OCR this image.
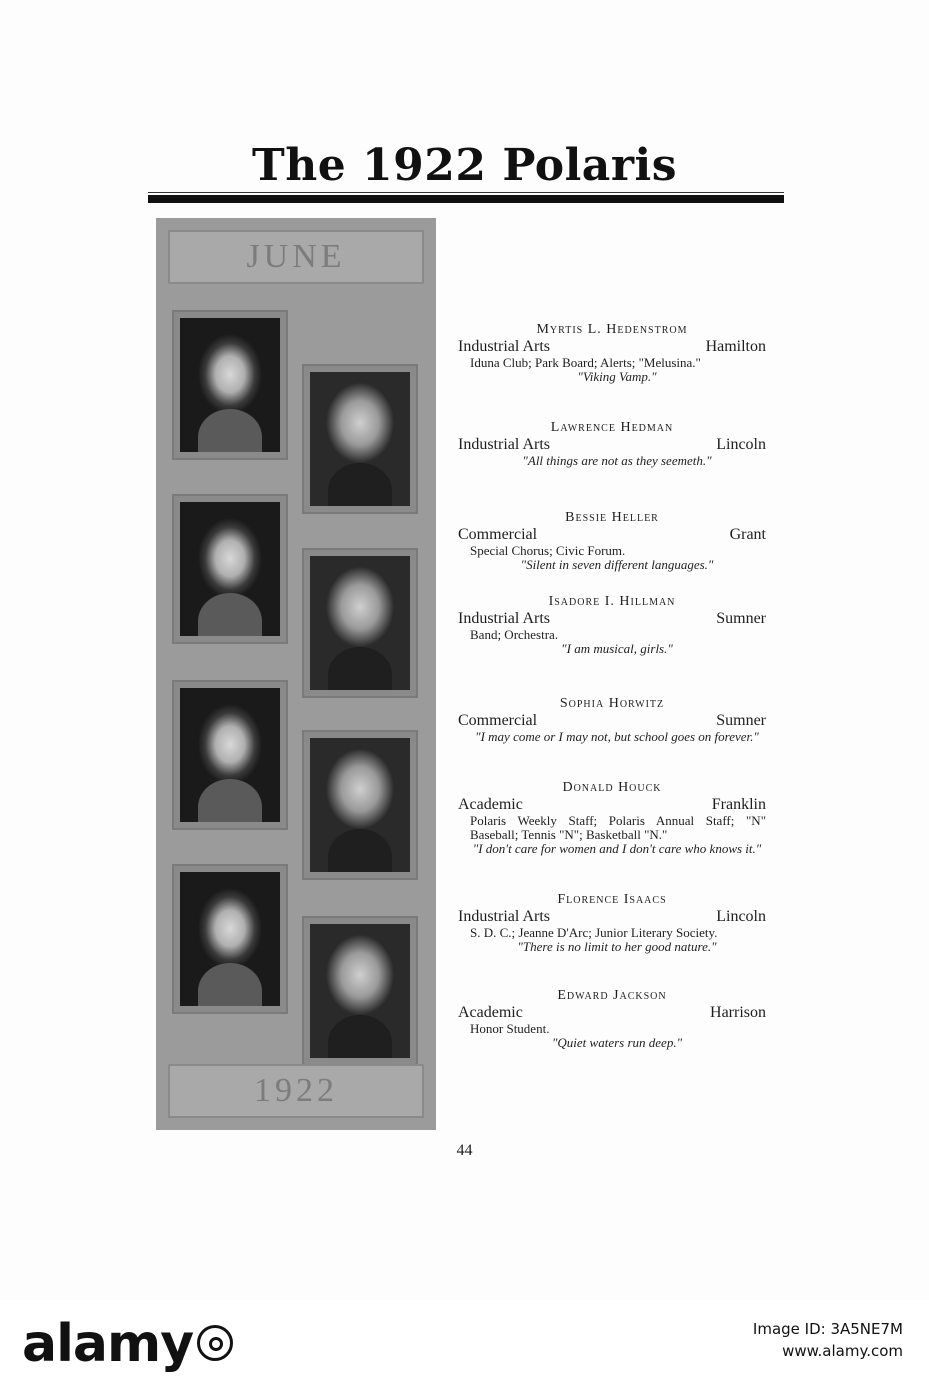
The 1922 Polaris
JUNE
1922
Myrtis L. Hedenstrom
Industrial Arts	Hamilton
Iduna Club; Park Board; Alerts; "Melusina."
"Viking Vamp."
Lawrence Hedman
Industrial Arts	Lincoln
"All things are not as they seemeth."
Bessie Heller
Commercial	Grant
Special Chorus; Civic Forum.
"Silent in seven different languages."
Isadore I. Hillman
Industrial Arts	Sumner
Band; Orchestra.
"I am musical, girls."
Sophia Horwitz
Commercial	Sumner
"I may come or I may not, but school goes on forever."
Donald Houck
Academic	Franklin
Polaris Weekly Staff; Polaris Annual Staff; "N" Baseball; Tennis "N"; Basketball "N."
"I don't care for women and I don't care who knows it."
Florence Isaacs
Industrial Arts	Lincoln
S. D. C.; Jeanne D'Arc; Junior Literary Society.
"There is no limit to her good nature."
Edward Jackson
Academic	Harrison
Honor Student.
"Quiet waters run deep."
44
alamy	Image ID: 3A5NE7M
www.alamy.com
